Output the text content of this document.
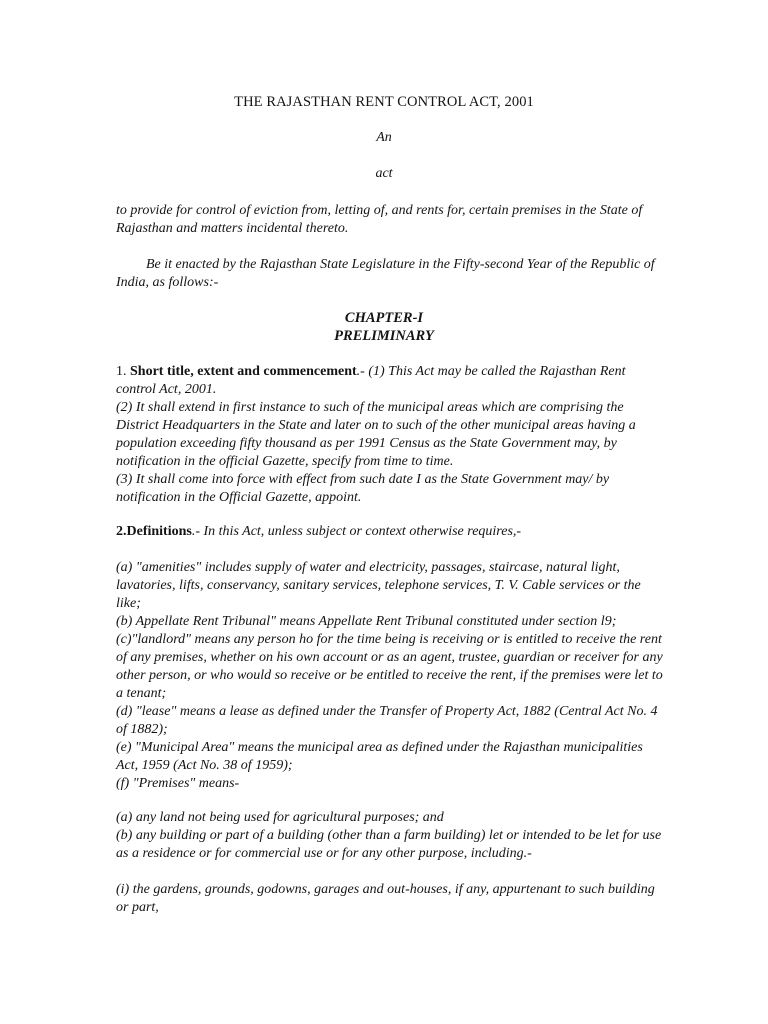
THE RAJASTHAN RENT CONTROL ACT, 2001

An

act

to provide for control of eviction from, letting of, and rents for, certain premises in the State of Rajasthan and matters incidental thereto.

Be it enacted by the Rajasthan State Legislature in the Fifty-second Year of the Republic of India, as follows:-

CHAPTER-I
PRELIMINARY

1. Short title, extent and commencement.- (1) This Act may be called the Rajasthan Rent control Act, 2001.

(2) It shall extend in first instance to such of the municipal areas which are comprising the District Headquarters in the State and later on to such of the other municipal areas having a population exceeding fifty thousand as per 1991 Census as the State Government may, by notification in the official Gazette, specify from time to time.

(3) It shall come into force with effect from such date I as the State Government may/ by notification in the Official Gazette, appoint.

2.Definitions.- In this Act, unless subject or context otherwise requires,-

(a) "amenities" includes supply of water and electricity, passages, staircase, natural light, lavatories, lifts, conservancy, sanitary services, telephone services, T. V. Cable services or the like;

(b) Appellate Rent Tribunal" means Appellate Rent Tribunal constituted under section l9;

(c)"landlord" means any person ho for the time being is receiving or is entitled to receive the rent of any premises, whether on his own account or as an agent, trustee, guardian or receiver for any other person, or who would so receive or be entitled to receive the rent, if the premises were let to a tenant;

(d) "lease" means a lease as defined under the Transfer of Property Act, 1882 (Central Act No. 4 of 1882);

(e) "Municipal Area" means the municipal area as defined under the Rajasthan municipalities Act, 1959 (Act No. 38 of 1959);

(f) "Premises" means-

(a) any land not being used for agricultural purposes; and

(b) any building or part of a building (other than a farm building) let or intended to be let for use as a residence or for commercial use or for any other purpose, including.-

(i) the gardens, grounds, godowns, garages and out-houses, if any, appurtenant to such building or part,
